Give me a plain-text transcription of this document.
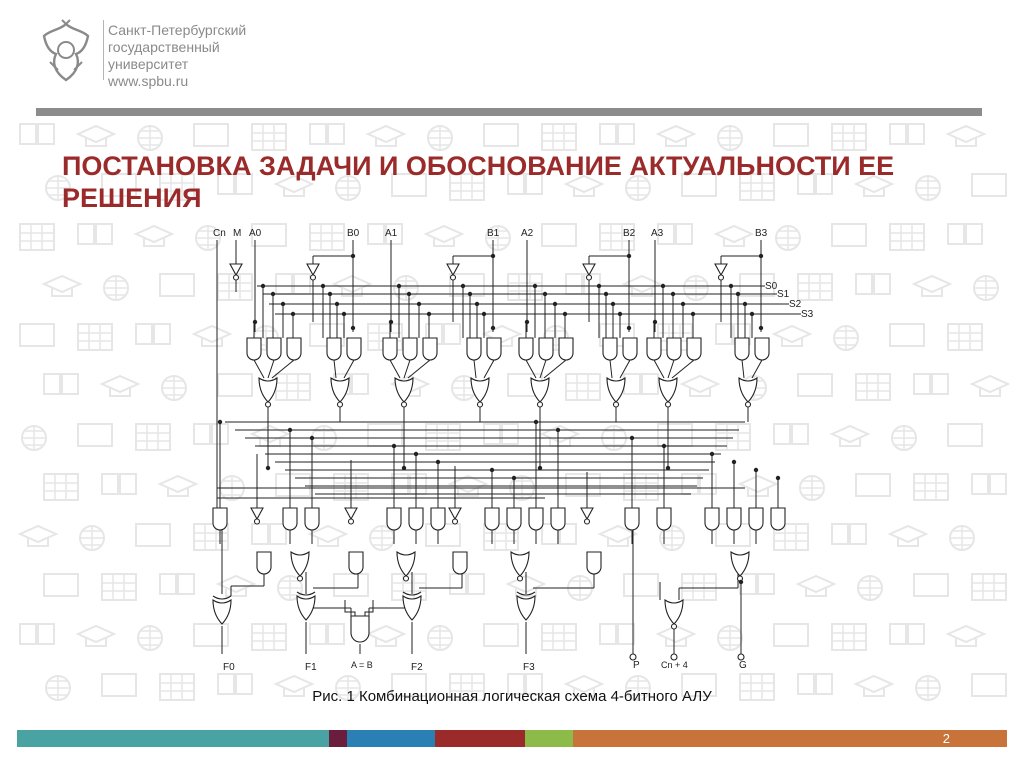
Санкт-Петербургский
государственный
университет
www.spbu.ru
ПОСТАНОВКА ЗАДАЧИ И ОБОСНОВАНИЕ АКТУАЛЬНОСТИ ЕЕ РЕШЕНИЯ
Cn M A0	B0	A1	B1 A2	B2 A3	B3
S0
S1
S2
S3
F0	F1	A = B	F2	F3	P Cn + 4	G
Рис. 1 Комбинационная логическая схема 4-битного АЛУ
2
